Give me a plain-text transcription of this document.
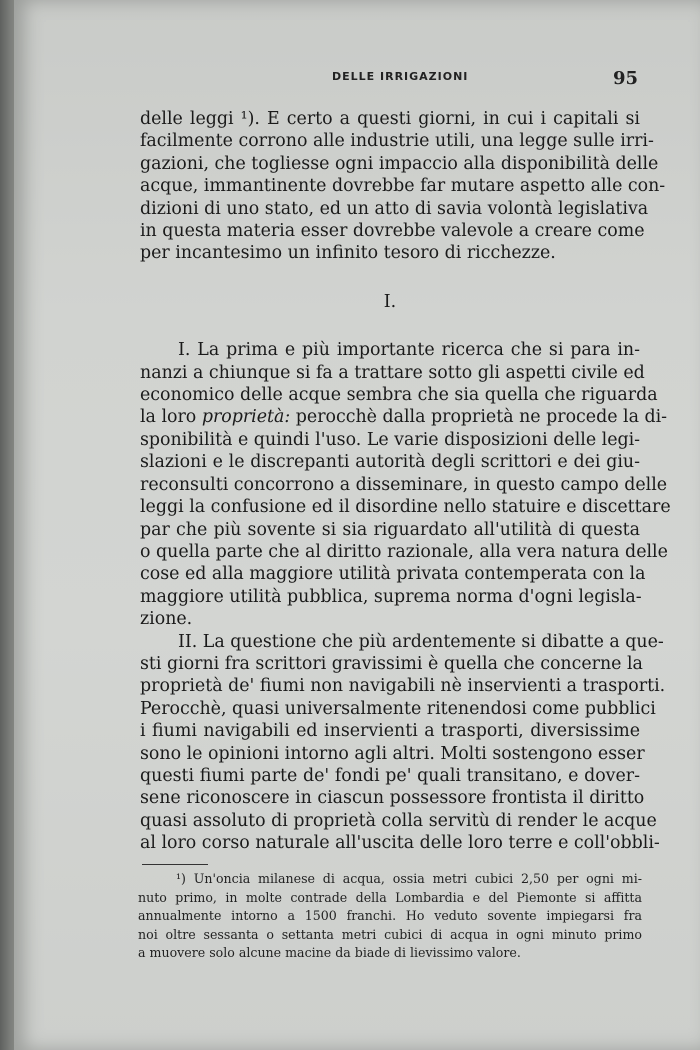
DELLE IRRIGAZIONI	95
delle leggi ¹). E certo a questi giorni, in cui i capitali si
facilmente corrono alle industrie utili, una legge sulle irri-
gazioni, che togliesse ogni impaccio alla disponibilità delle
acque, immantinente dovrebbe far mutare aspetto alle con-
dizioni di uno stato, ed un atto di savia volontà legislativa
in questa materia esser dovrebbe valevole a creare come
per incantesimo un infinito tesoro di ricchezze.
I.
I. La prima e più importante ricerca che si para in-
nanzi a chiunque si fa a trattare sotto gli aspetti civile ed
economico delle acque sembra che sia quella che riguarda
la loro proprietà: perocchè dalla proprietà ne procede la di-
sponibilità e quindi l'uso. Le varie disposizioni delle legi-
slazioni e le discrepanti autorità degli scrittori e dei giu-
reconsulti concorrono a disseminare, in questo campo delle
leggi la confusione ed il disordine nello statuire e discettare
par che più sovente si sia riguardato all'utilità di questa
o quella parte che al diritto razionale, alla vera natura delle
cose ed alla maggiore utilità privata contemperata con la
maggiore utilità pubblica, suprema norma d'ogni legisla-
zione.
II. La questione che più ardentemente si dibatte a que-
sti giorni fra scrittori gravissimi è quella che concerne la
proprietà de' fiumi non navigabili nè inservienti a trasporti.
Perocchè, quasi universalmente ritenendosi come pubblici
i fiumi navigabili ed inservienti a trasporti, diversissime
sono le opinioni intorno agli altri. Molti sostengono esser
questi fiumi parte de' fondi pe' quali transitano, e dover-
sene riconoscere in ciascun possessore frontista il diritto
quasi assoluto di proprietà colla servitù di render le acque
al loro corso naturale all'uscita delle loro terre e coll'obbli-
¹) Un'oncia milanese di acqua, ossia metri cubici 2,50 per ogni mi-
nuto primo, in molte contrade della Lombardia e del Piemonte si affitta
annualmente intorno a 1500 franchi. Ho veduto sovente impiegarsi fra
noi oltre sessanta o settanta metri cubici di acqua in ogni minuto primo
a muovere solo alcune macine da biade di lievissimo valore.
